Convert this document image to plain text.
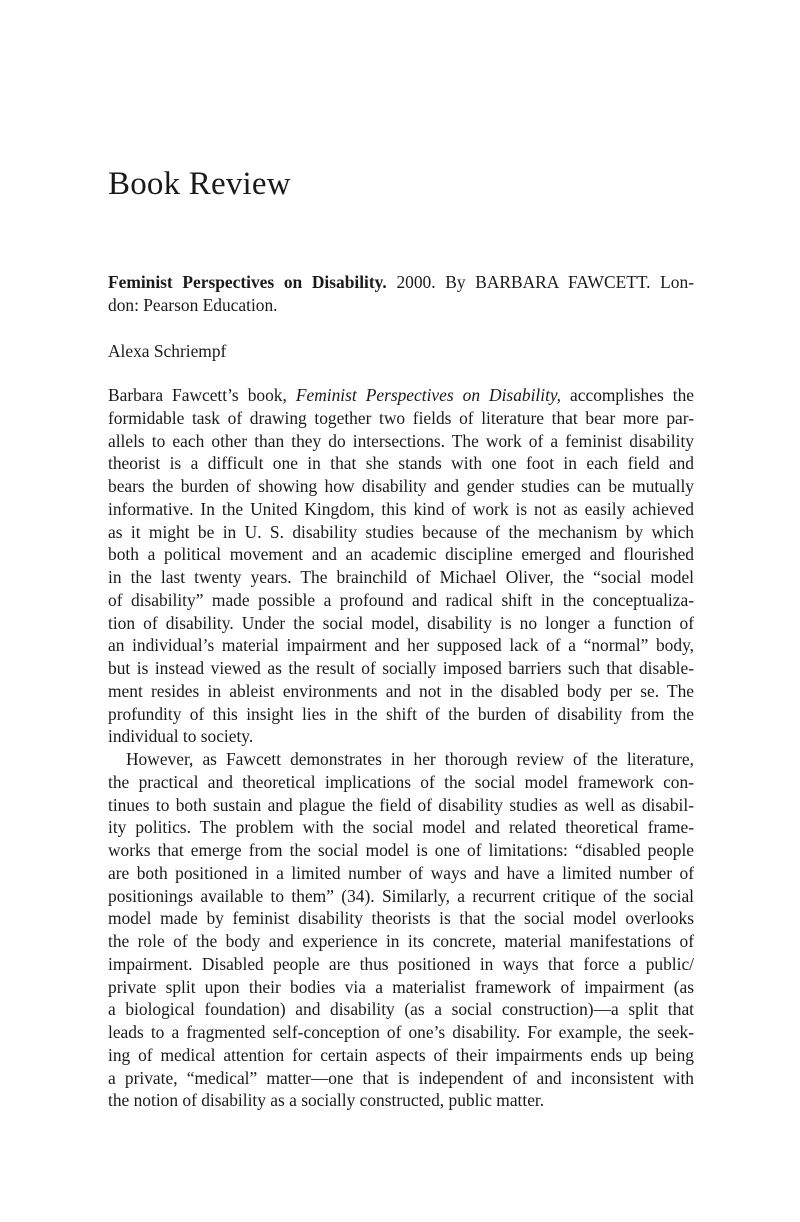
Book Review

Feminist Perspectives on Disability. 2000. By BARBARA FAWCETT. Lon-
don: Pearson Education.

Alexa Schriempf

Barbara Fawcett’s book, Feminist Perspectives on Disability, accomplishes the
formidable task of drawing together two fields of literature that bear more par-
allels to each other than they do intersections. The work of a feminist disability
theorist is a difficult one in that she stands with one foot in each field and
bears the burden of showing how disability and gender studies can be mutually
informative. In the United Kingdom, this kind of work is not as easily achieved
as it might be in U. S. disability studies because of the mechanism by which
both a political movement and an academic discipline emerged and flourished
in the last twenty years. The brainchild of Michael Oliver, the “social model
of disability” made possible a profound and radical shift in the conceptualiza-
tion of disability. Under the social model, disability is no longer a function of
an individual’s material impairment and her supposed lack of a “normal” body,
but is instead viewed as the result of socially imposed barriers such that disable-
ment resides in ableist environments and not in the disabled body per se. The
profundity of this insight lies in the shift of the burden of disability from the
individual to society.
However, as Fawcett demonstrates in her thorough review of the literature,
the practical and theoretical implications of the social model framework con-
tinues to both sustain and plague the field of disability studies as well as disabil-
ity politics. The problem with the social model and related theoretical frame-
works that emerge from the social model is one of limitations: “disabled people
are both positioned in a limited number of ways and have a limited number of
positionings available to them” (34). Similarly, a recurrent critique of the social
model made by feminist disability theorists is that the social model overlooks
the role of the body and experience in its concrete, material manifestations of
impairment. Disabled people are thus positioned in ways that force a public/
private split upon their bodies via a materialist framework of impairment (as
a biological foundation) and disability (as a social construction)—a split that
leads to a fragmented self-conception of one’s disability. For example, the seek-
ing of medical attention for certain aspects of their impairments ends up being
a private, “medical” matter—one that is independent of and inconsistent with
the notion of disability as a socially constructed, public matter.
